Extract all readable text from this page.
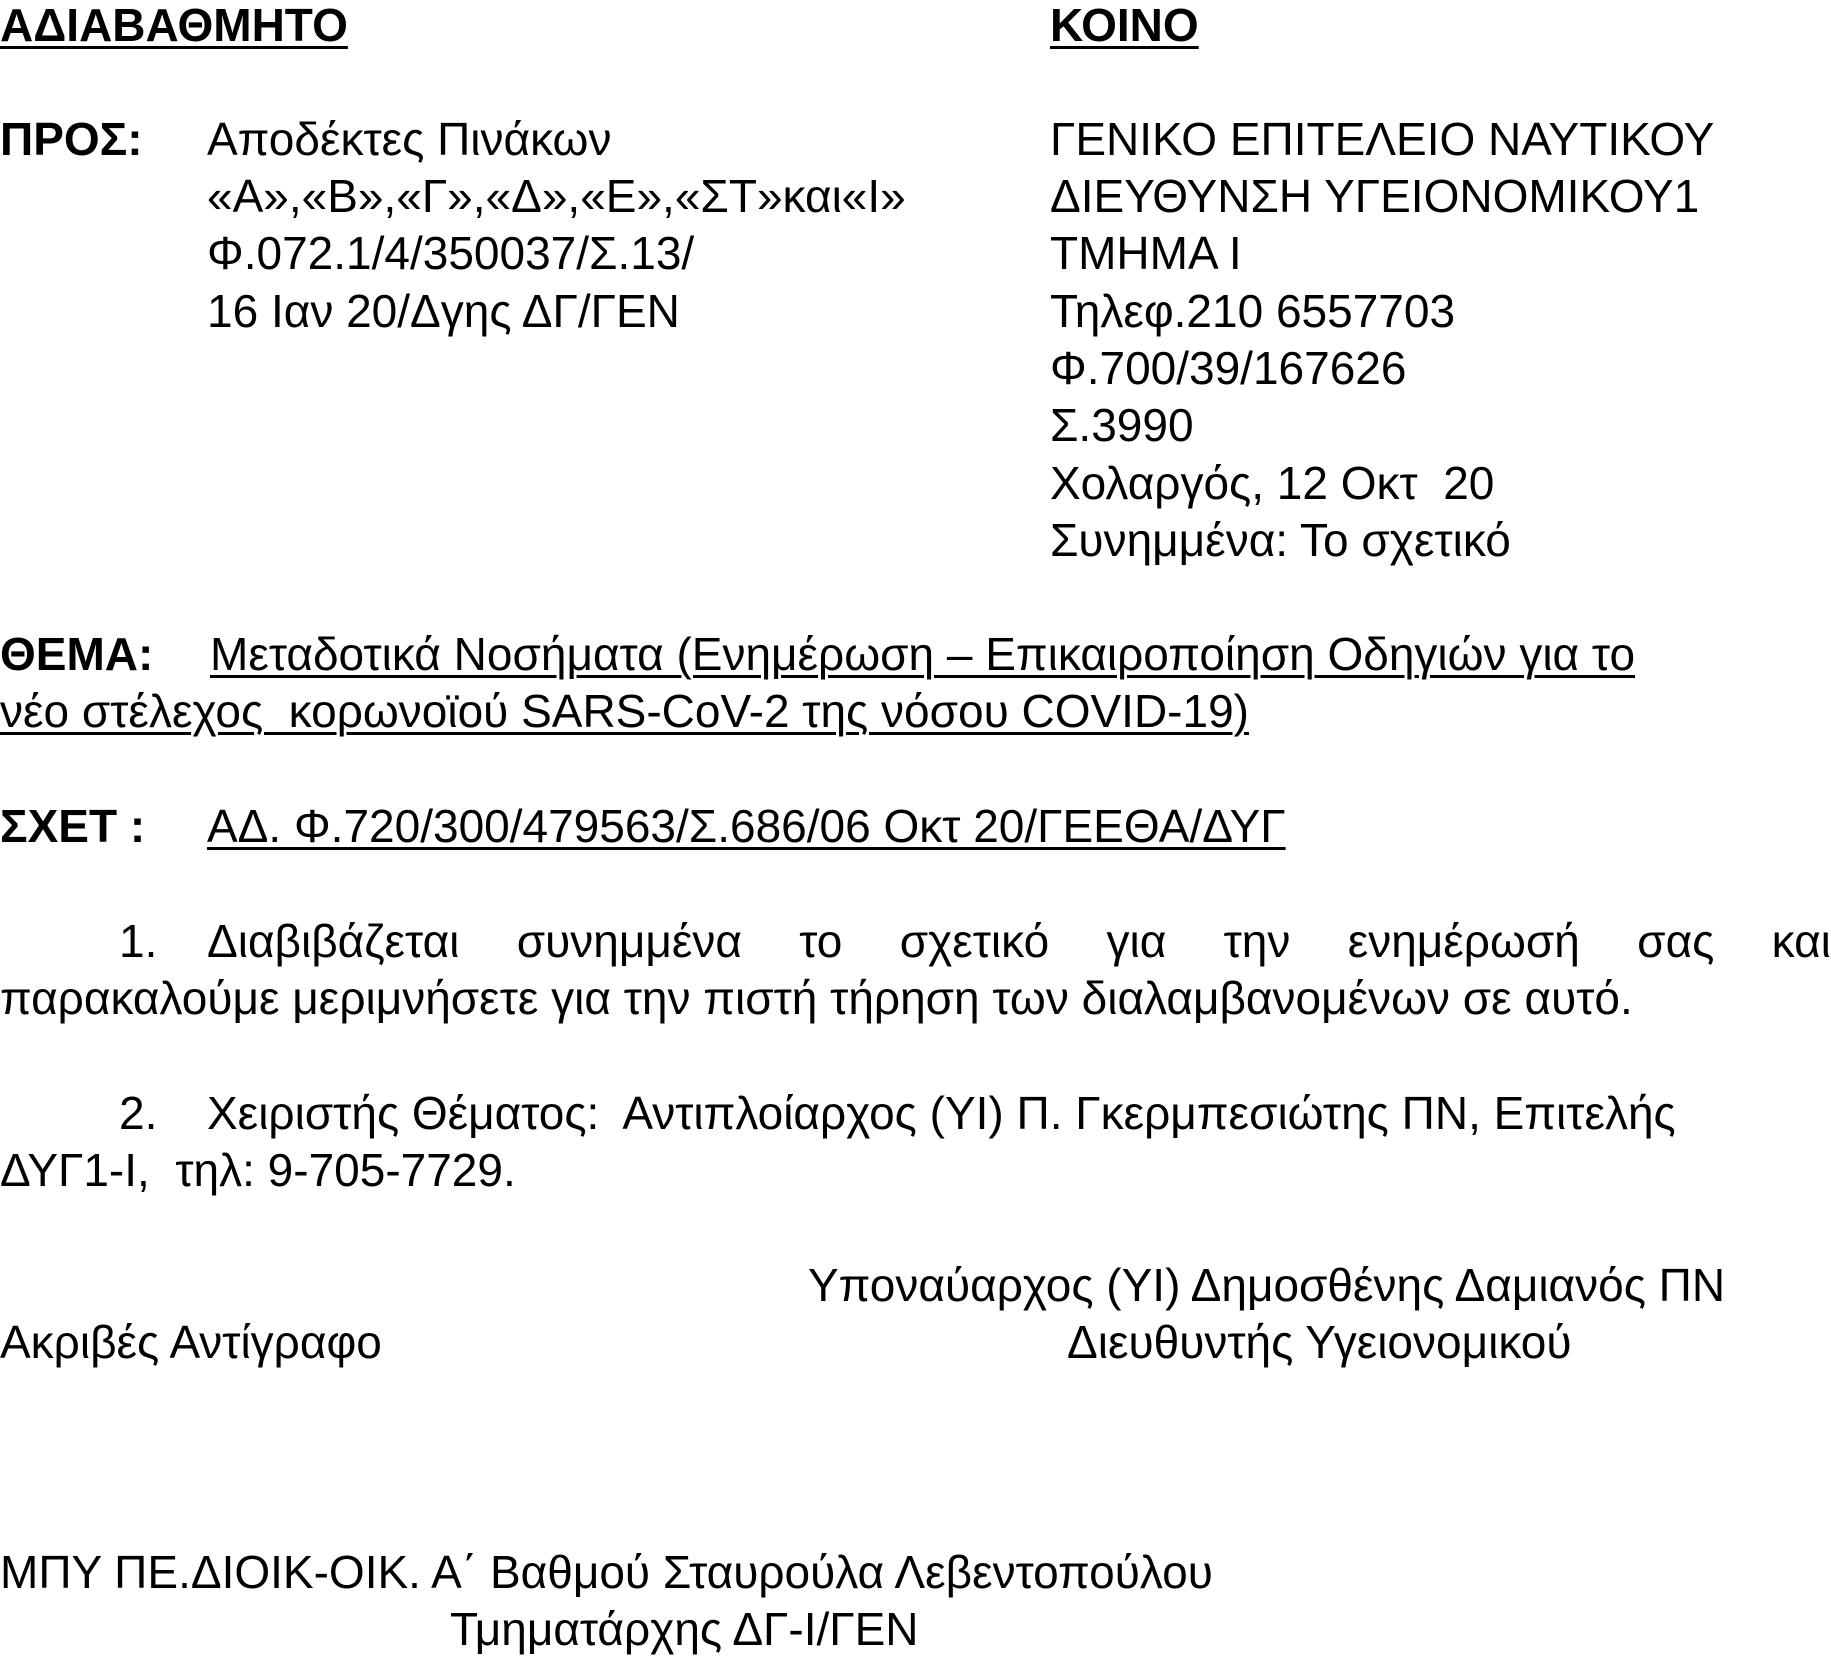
ΑΔΙΑΒΑΘΜΗΤΟ	ΚΟΙΝΟ
ΠΡΟΣ: Αποδέκτες Πινάκων
«Α»,«Β»,«Γ»,«Δ»,«Ε»,«ΣΤ»και«Ι»
Φ.072.1/4/350037/Σ.13/
16 Ιαν 20/Δγης ΔΓ/ΓΕΝ
ΓΕΝΙΚΟ ΕΠΙΤΕΛΕΙΟ ΝΑΥΤΙΚΟΥ
ΔΙΕΥΘΥΝΣΗ ΥΓΕΙΟΝΟΜΙΚΟΥ1
ΤΜΗΜΑ Ι
Τηλεφ.210 6557703
Φ.700/39/167626
Σ.3990
Χολαργός, 12 Οκτ  20
Συνημμένα: Το σχετικό
ΘΕΜΑ: Μεταδοτικά Νοσήματα (Ενημέρωση – Επικαιροποίηση Οδηγιών για το
νέο στέλεχος  κορωνοϊού SARS-CoV-2 της νόσου COVID-19)
ΣΧΕΤ : ΑΔ. Φ.720/300/479563/Σ.686/06 Οκτ 20/ΓΕΕΘΑ/ΔΥΓ
1. Διαβιβάζεται συνημμένα το σχετικό για την ενημέρωσή σας και
παρακαλούμε μεριμνήσετε για την πιστή τήρηση των διαλαμβανομένων σε αυτό.
2. Χειριστής Θέματος:  Αντιπλοίαρχος (ΥΙ) Π. Γκερμπεσιώτης ΠΝ, Επιτελής
ΔΥΓ1-Ι,  τηλ: 9-705-7729.
Υποναύαρχος (ΥΙ) Δημοσθένης Δαμιανός ΠΝ
Ακριβές Αντίγραφο	Διευθυντής Υγειονομικού
ΜΠΥ ΠΕ.ΔΙΟΙΚ-ΟΙΚ. Α΄ Βαθμού Σταυρούλα Λεβεντοπούλου
Τμηματάρχης ΔΓ-Ι/ΓΕΝ
